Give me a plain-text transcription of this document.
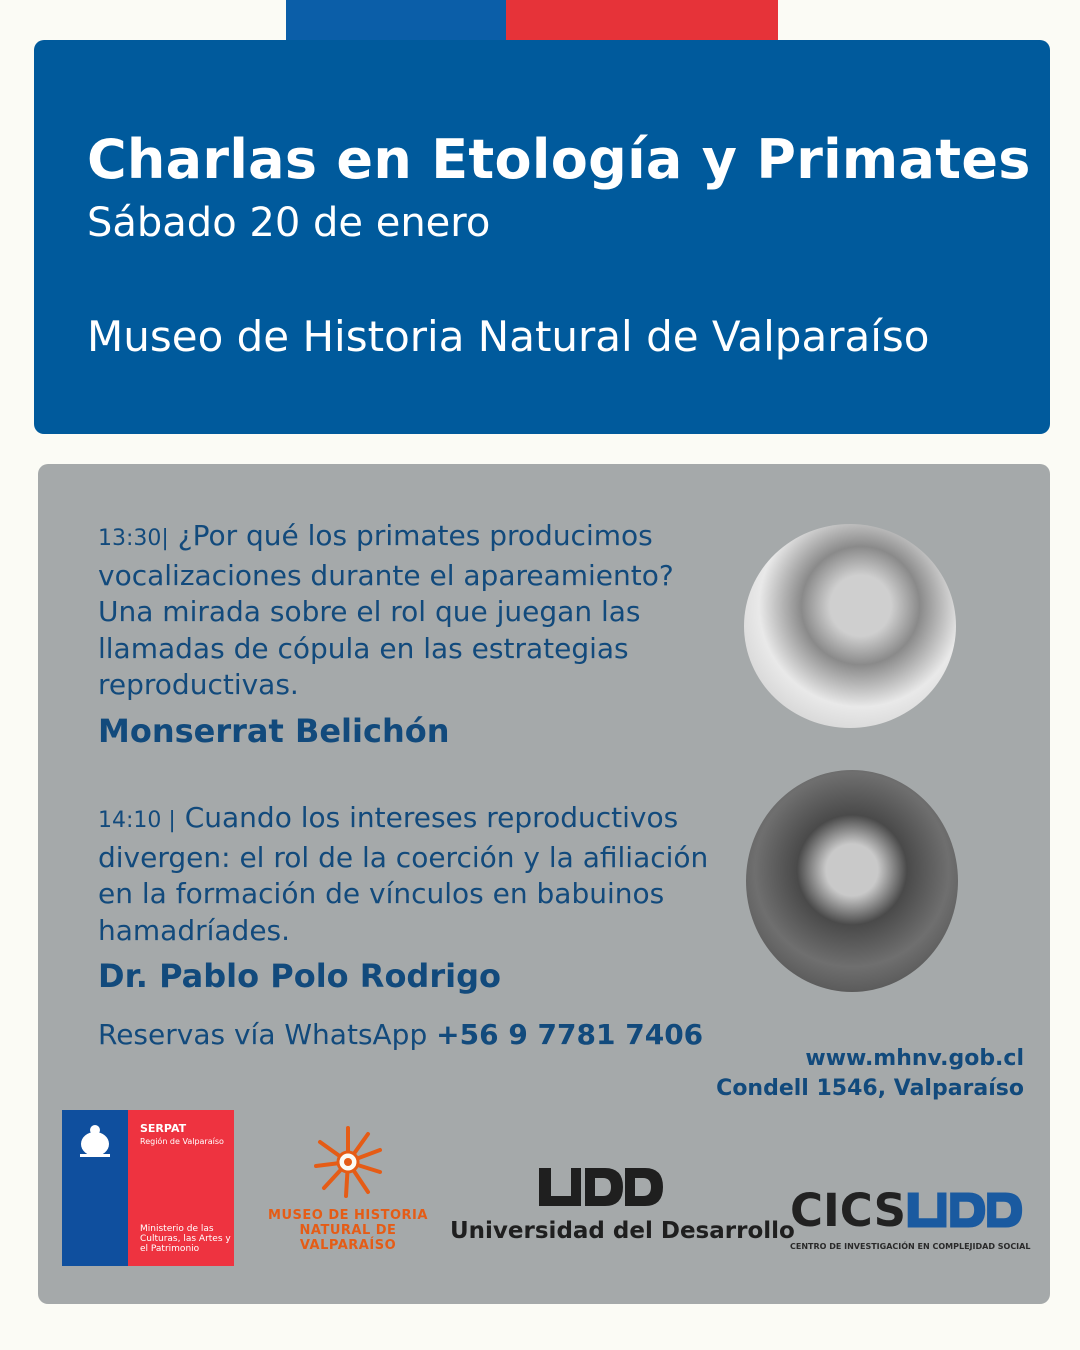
Charlas en Etología y Primates
Sábado 20 de enero
Museo de Historia Natural de Valparaíso
13:30| ¿Por qué los primates producimos vocalizaciones durante el apareamiento? Una mirada sobre el rol que juegan las llamadas de cópula en las estrategias reproductivas.
Monserrat Belichón
14:10 | Cuando los intereses reproductivos divergen: el rol de la coerción y la afiliación en la formación de vínculos en babuinos hamadríades.
Dr. Pablo Polo Rodrigo
Reservas vía WhatsApp +56 9 7781 7406
www.mhnv.gob.cl
Condell 1546, Valparaíso
SERPAT
Región de Valparaíso
Ministerio de las Culturas, las Artes y el Patrimonio
MUSEO DE HISTORIA NATURAL DE VALPARAÍSO
Universidad del Desarrollo
CICS
CENTRO DE INVESTIGACIÓN EN COMPLEJIDAD SOCIAL
